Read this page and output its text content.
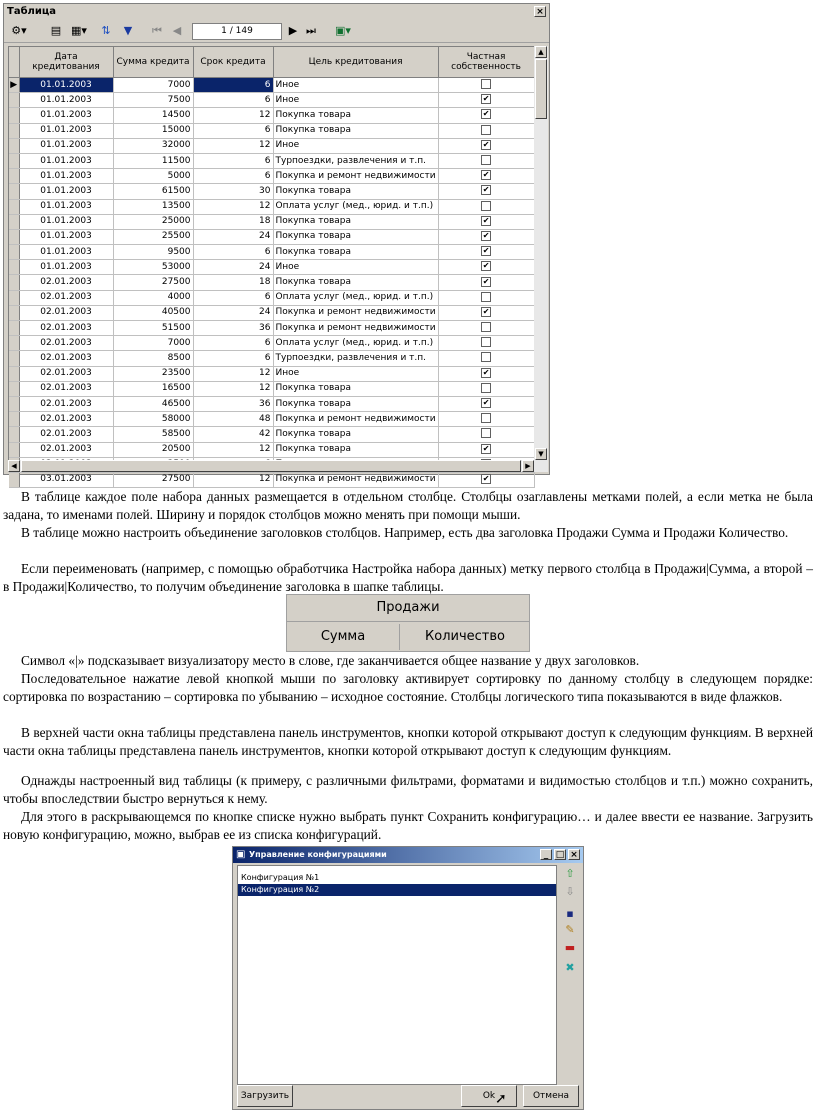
Таблица	×
⚙▾	▤ ▦▾	⇅	▼	⏮ ◀	1 / 149	▶ ⏭ ▣▾
	Дата кредитования	Сумма кредита	Срок кредита	Цель кредитования	Частная собственность
▶	01.01.2003	7000	6	Иное	
	01.01.2003	7500	6	Иное	✔
	01.01.2003	14500	12	Покупка товара	✔
	01.01.2003	15000	6	Покупка товара	
	01.01.2003	32000	12	Иное	✔
	01.01.2003	11500	6	Турпоездки, развлечения и т.п.	
	01.01.2003	5000	6	Покупка и ремонт недвижимости	✔
	01.01.2003	61500	30	Покупка товара	✔
	01.01.2003	13500	12	Оплата услуг (мед., юрид. и т.п.)	
	01.01.2003	25000	18	Покупка товара	✔
	01.01.2003	25500	24	Покупка товара	✔
	01.01.2003	9500	6	Покупка товара	✔
	01.01.2003	53000	24	Иное	✔
	02.01.2003	27500	18	Покупка товара	✔
	02.01.2003	4000	6	Оплата услуг (мед., юрид. и т.п.)	
	02.01.2003	40500	24	Покупка и ремонт недвижимости	✔
	02.01.2003	51500	36	Покупка и ремонт недвижимости	
	02.01.2003	7000	6	Оплата услуг (мед., юрид. и т.п.)	
	02.01.2003	8500	6	Турпоездки, развлечения и т.п.	
	02.01.2003	23500	12	Иное	✔
	02.01.2003	16500	12	Покупка товара	
	02.01.2003	46500	36	Покупка товара	✔
	02.01.2003	58000	48	Покупка и ремонт недвижимости	
	02.01.2003	58500	42	Покупка товара	
	02.01.2003	20500	12	Покупка товара	✔

	03.01.2003	27500	12	Покупка и ремонт недвижимости	✔
▲
▼
◀	▶

В таблице каждое поле набора данных размещается в отдельном столбце. Столбцы озаглавлены метками полей, а если метка не была задана, то именами полей. Ширину и порядок столбцов можно менять при помощи мыши.

В таблице можно настроить объединение заголовков столбцов. Например, есть два заголовка Продажи Сумма и Продажи Количество.

Если переименовать (например, с помощью обработчика Настройка набора данных) метку первого столбца в Продажи|Сумма, а второй – в Продажи|Количество, то получим объединение заголовка в шапке таблицы.

Продажи
Сумма	Количество

Символ «|» подсказывает визуализатору место в слове, где заканчивается общее название у двух заголовков.

Последовательное нажатие левой кнопкой мыши по заголовку активирует сортировку по данному столбцу в следующем порядке: сортировка по возрастанию – сортировка по убыванию – исходное состояние. Столбцы логического типа показываются в виде флажков.

В верхней части окна таблицы представлена панель инструментов, кнопки которой открывают доступ к следующим функциям. В верхней части окна таблицы представлена панель инструментов, кнопки которой открывают доступ к следующим функциям.

Однажды настроенный вид таблицы (к примеру, с различными фильтрами, форматами и видимостью столбцов и т.п.) можно сохранить, чтобы впоследствии быстро вернуться к нему.

Для этого в раскрывающемся по кнопке списке нужно выбрать пункт Сохранить конфигурацию… и далее ввести ее название. Загрузить новую конфигурацию, можно, выбрав ее из списка конфигураций.

▣ Управление конфигурациями	_ □ ×
Конфигурация №1
Конфигурация №2
⇧
⇩
▪
✎
▬
✖
Загрузить	Ok	Отмена
➚
